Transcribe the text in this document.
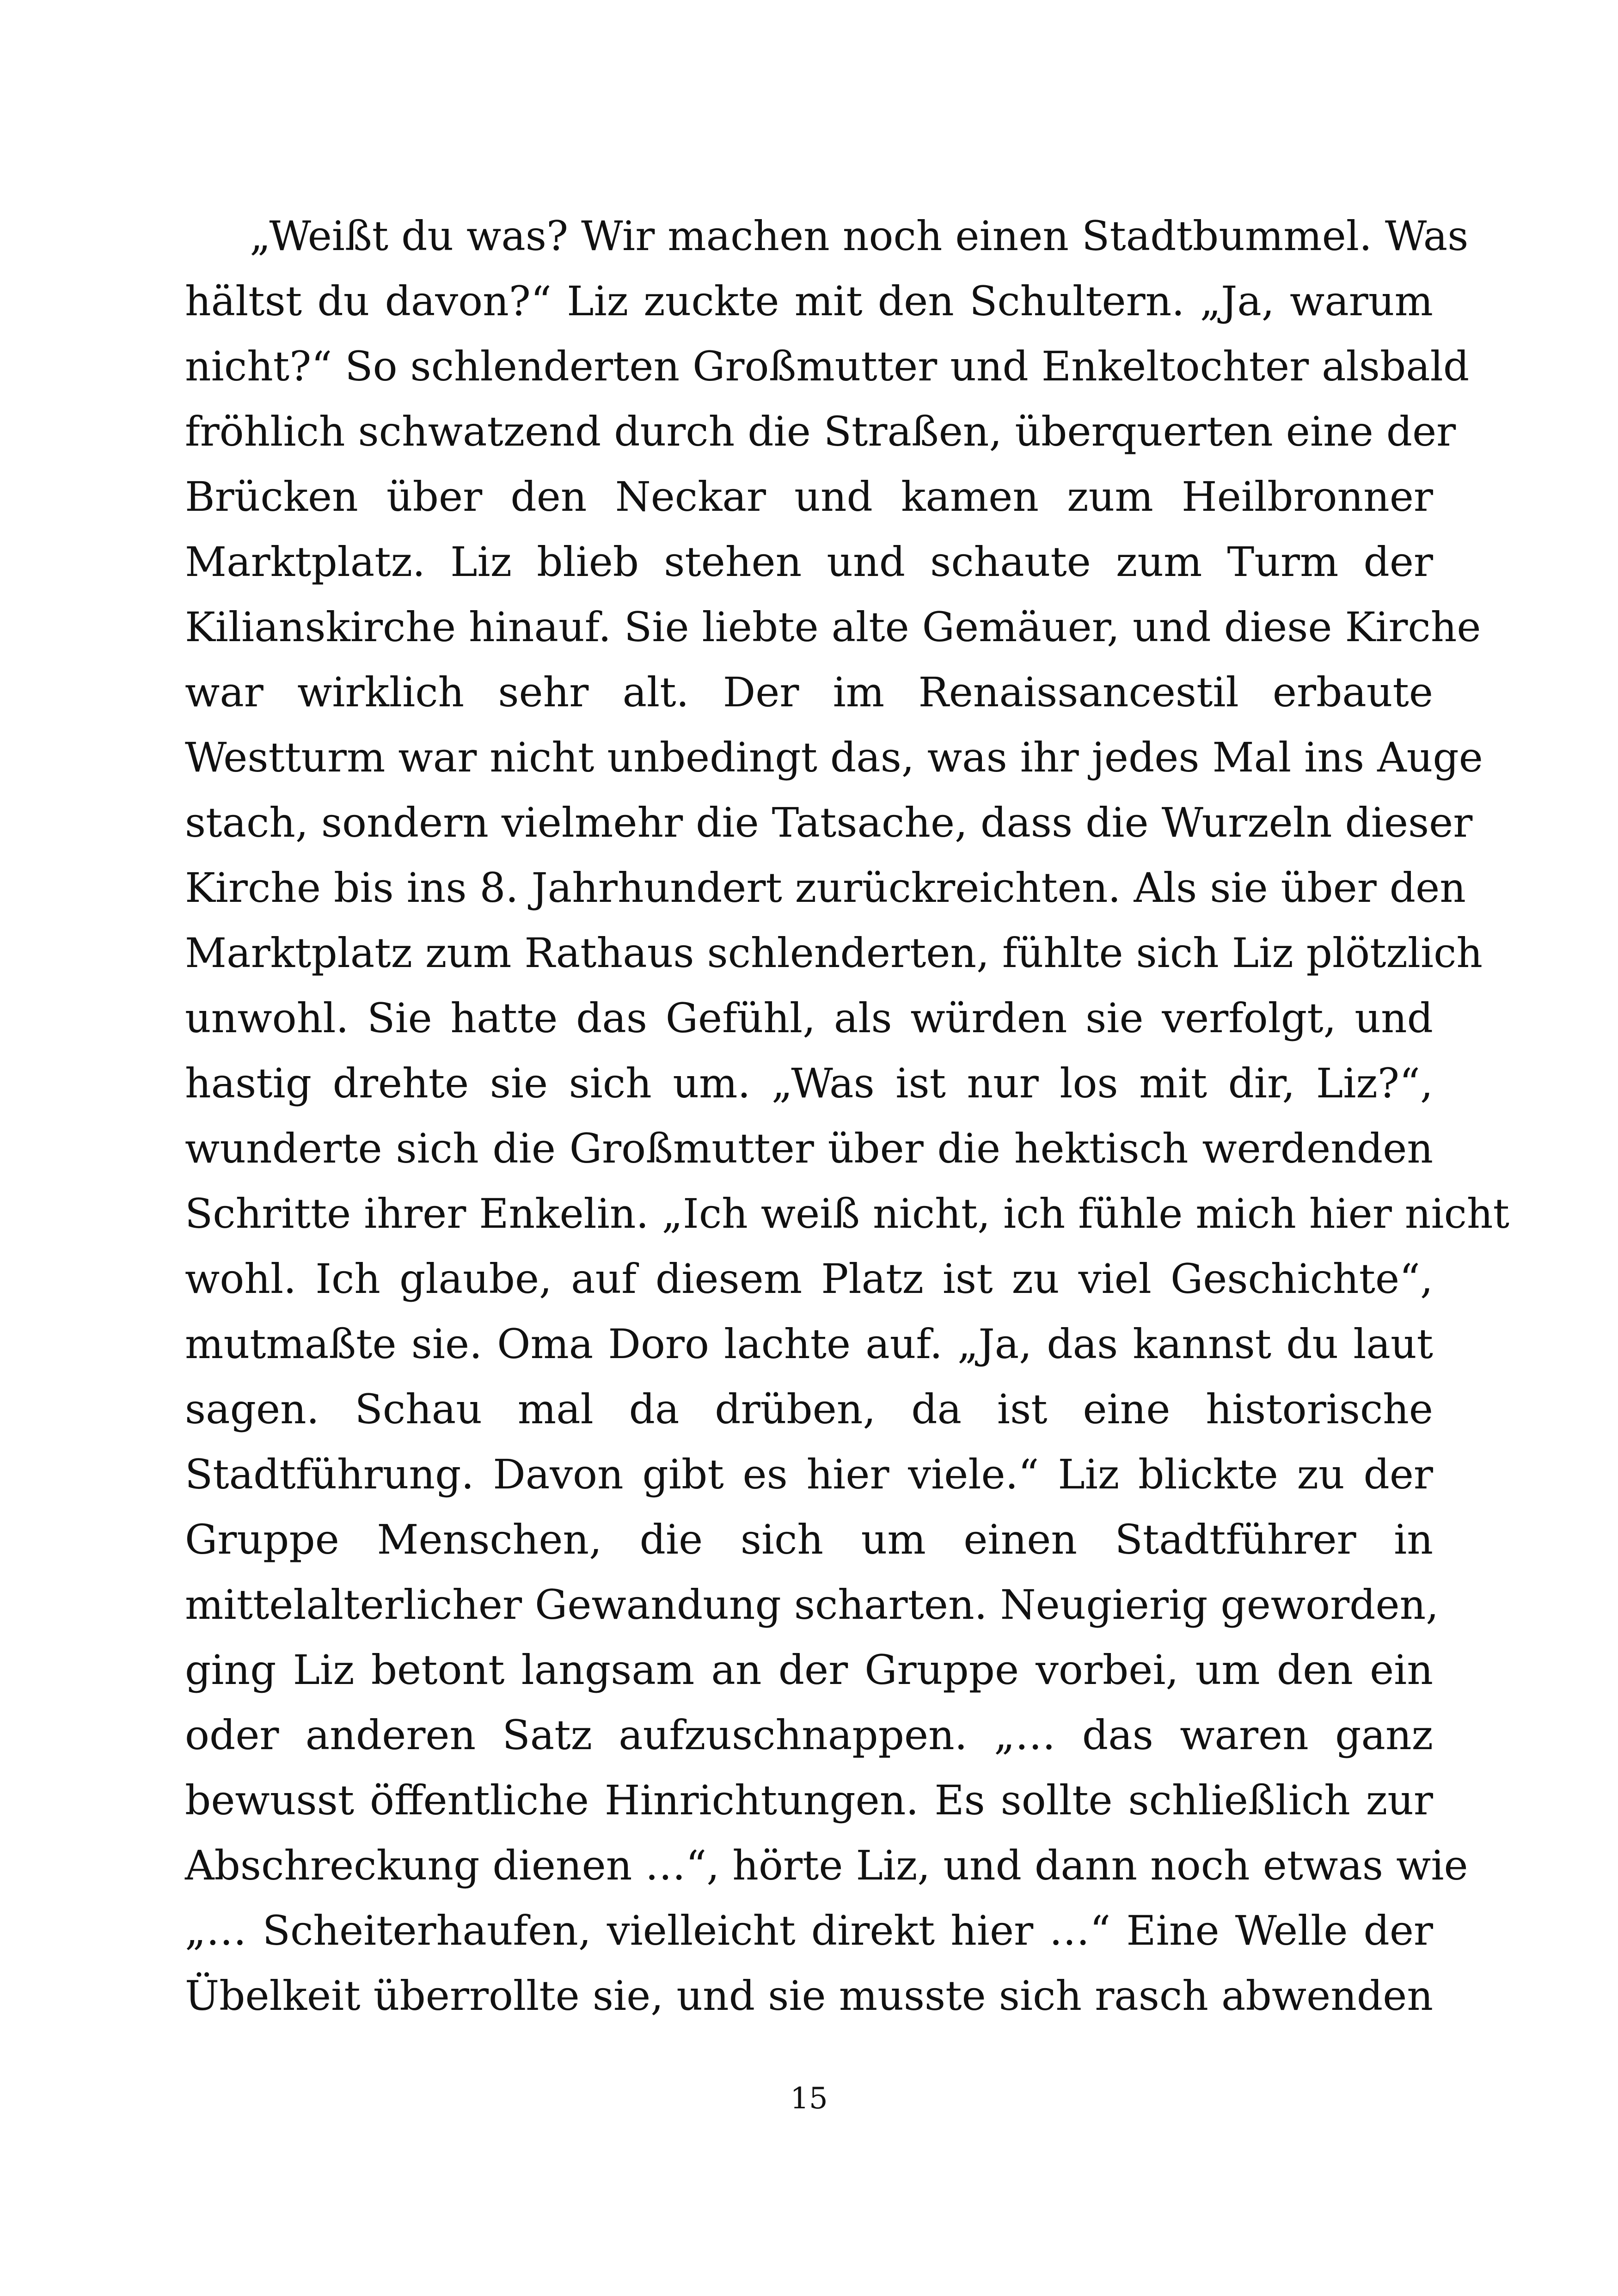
„Weißt du was? Wir machen noch einen Stadtbummel. Was
hältst du davon?“ Liz zuckte mit den Schultern. „Ja, warum
nicht?“ So schlenderten Großmutter und Enkeltochter alsbald
fröhlich schwatzend durch die Straßen, überquerten eine der
Brücken über den Neckar und kamen zum Heilbronner
Marktplatz. Liz blieb stehen und schaute zum Turm der
Kilianskirche hinauf. Sie liebte alte Gemäuer, und diese Kirche
war wirklich sehr alt. Der im Renaissancestil erbaute
Westturm war nicht unbedingt das, was ihr jedes Mal ins Auge
stach, sondern vielmehr die Tatsache, dass die Wurzeln dieser
Kirche bis ins 8. Jahrhundert zurückreichten. Als sie über den
Marktplatz zum Rathaus schlenderten, fühlte sich Liz plötzlich
unwohl. Sie hatte das Gefühl, als würden sie verfolgt, und
hastig drehte sie sich um. „Was ist nur los mit dir, Liz?“,
wunderte sich die Großmutter über die hektisch werdenden
Schritte ihrer Enkelin. „Ich weiß nicht, ich fühle mich hier nicht
wohl. Ich glaube, auf diesem Platz ist zu viel Geschichte“,
mutmaßte sie. Oma Doro lachte auf. „Ja, das kannst du laut
sagen. Schau mal da drüben, da ist eine historische
Stadtführung. Davon gibt es hier viele.“ Liz blickte zu der
Gruppe Menschen, die sich um einen Stadtführer in
mittelalterlicher Gewandung scharten. Neugierig geworden,
ging Liz betont langsam an der Gruppe vorbei, um den ein
oder anderen Satz aufzuschnappen. „… das waren ganz
bewusst öffentliche Hinrichtungen. Es sollte schließlich zur
Abschreckung dienen …“, hörte Liz, und dann noch etwas wie
„… Scheiterhaufen, vielleicht direkt hier …“ Eine Welle der
Übelkeit überrollte sie, und sie musste sich rasch abwenden
15
